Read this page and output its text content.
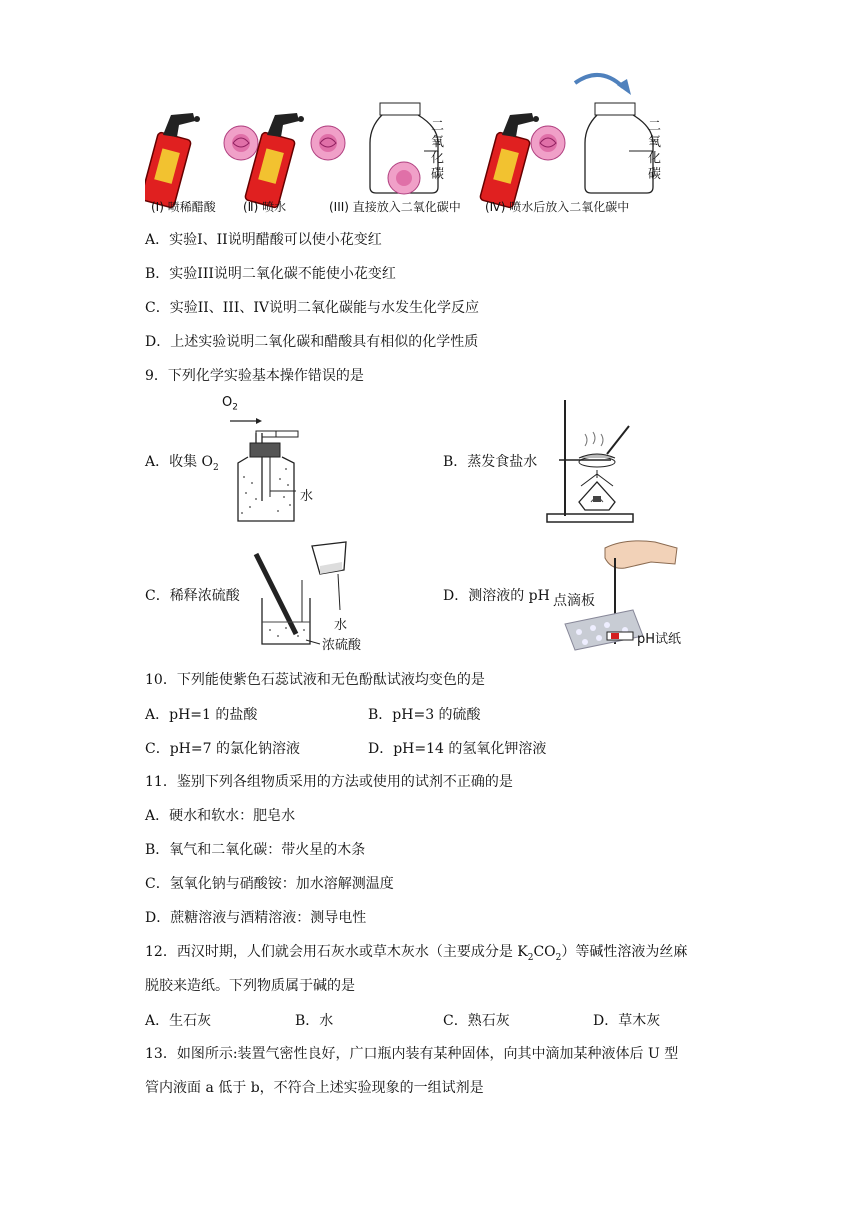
二
氧
化
碳
二
氧
化
碳
(I) 喷稀醋酸 (Ⅱ) 喷水	(III) 直接放入二氧化碳中 (Ⅳ) 喷水后放入二氧化碳中
A．实验I、II说明醋酸可以使小花变红
B．实验III说明二氧化碳不能使小花变红
C．实验II、III、IV说明二氧化碳能与水发生化学反应
D．上述实验说明二氧化碳和醋酸具有相似的化学性质
9．下列化学实验基本操作错误的是
A．收集 $O_2$
$O_2$
水
B．蒸发食盐水
C．稀释浓硫酸
水
浓硫酸
D．测溶液的 pH 点滴板
pH试纸
10．下列能使紫色石蕊试液和无色酚酞试液均变色的是
A．pH=1 的盐酸	B．pH=3 的硫酸
C．pH=7 的氯化钠溶液	D．pH=14 的氢氧化钾溶液
11．鉴别下列各组物质采用的方法或使用的试剂不正确的是
A．硬水和软水：肥皂水
B．氧气和二氧化碳：带火星的木条
C．氢氧化钠与硝酸铵：加水溶解测温度
D．蔗糖溶液与酒精溶液：测导电性
12．西汉时期，人们就会用石灰水或草木灰水（主要成分是 $K_2CO_2$）等碱性溶液为丝麻
脱胶来造纸。下列物质属于碱的是
A．生石灰	B．水	C．熟石灰	D．草木灰
13．如图所示:装置气密性良好，广口瓶内装有某种固体，向其中滴加某种液体后 U 型
管内液面 a 低于 b，不符合上述实验现象的一组试剂是
